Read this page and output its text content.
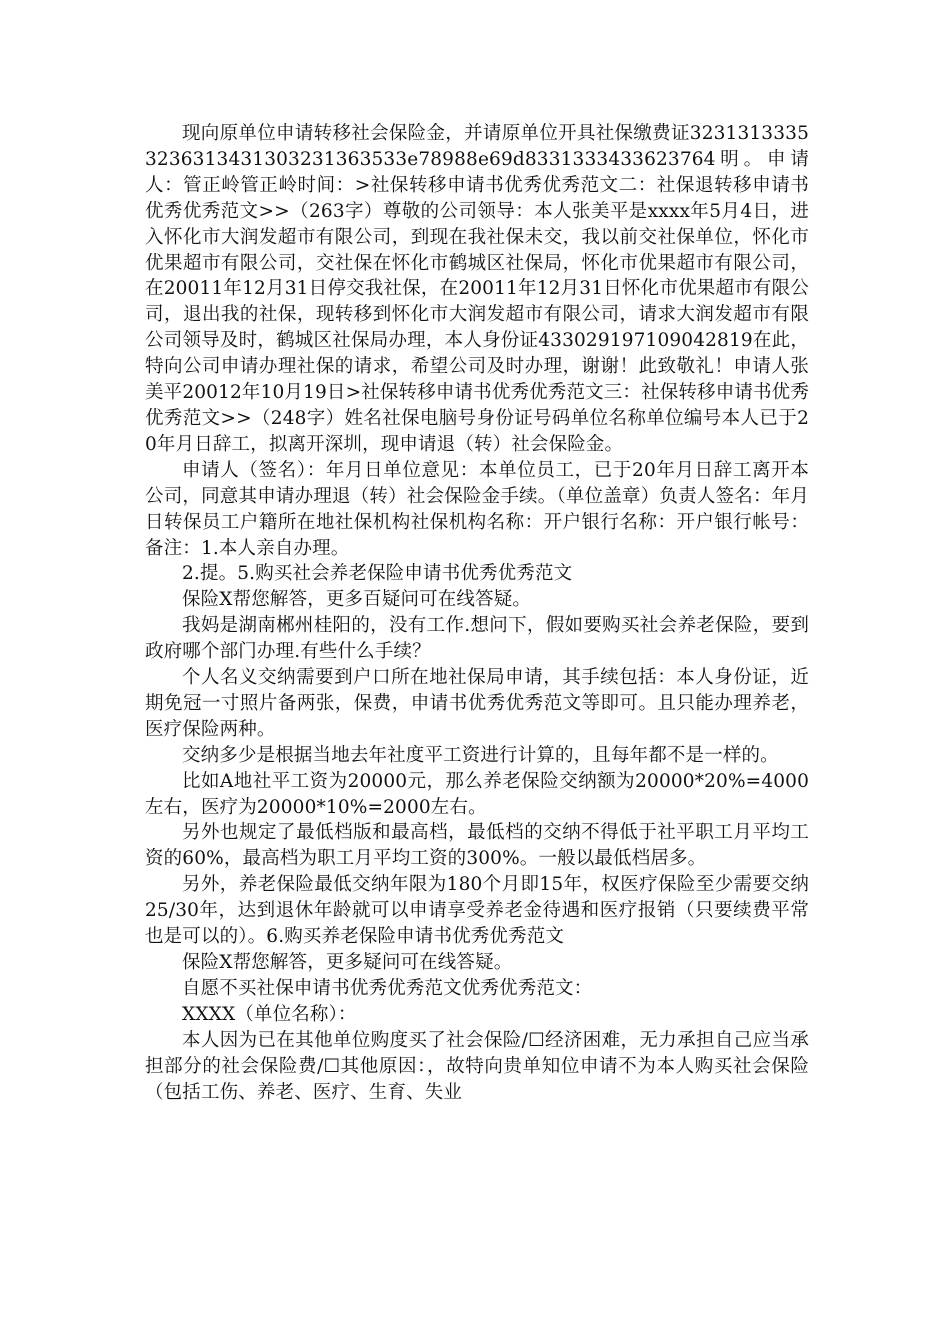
现向原单位申请转移社会保险金，并请原单位开具社保缴费证3231313335323631343130323136353​3e78988e69d8331333433623764明。申请人：管正岭管正岭时间：>社保转移申请书优秀优秀范文二：社保退转移申请书优秀优秀范文>>（263字）尊敬的公司领导：本人张美平是xxxx年5月4日，进入怀化市大润发超市有限公司，到现在我社保未交，我以前交社保单位，怀化市优果超市有限公司，交社保在怀化市鹤城区社保局，怀化市优果超市有限公司，在20011年12月31日停交我社保，在20011年12月31日怀化市优果超市有限公司，退出我的社保，现转移到怀化市大润发超市有限公司，请求大润发超市有限公司领导及时，鹤城区社保局办理，本人身份证43302919710904​2819在此，特向公司申请办理社保的请求，希望公司及时办理，谢谢！此致敬礼！申请人张美平20012年10月19日>社保转移申请书优秀优秀范文三：社保转移申请书优秀优秀范文>>（248字）姓名社保电脑号身份证号码单位名称单位编号本人已于20年月日辞工，拟离开深圳，现申请退（转）社会保险金。

申请人（签名）：年月日单位意见：本单位员工，已于20年月日辞工离开本公司，同意其申请办理退（转）社会保险金手续。（单位盖章）负责人签名：年月日转保员工户籍所在地社保机构社保机构名称：开户银行名称：开户银行帐号：备注：1.本人亲自办理。

2.提。5.购买社会养老保险申请书优秀优秀范文

保险X帮您解答，更多百疑问可在线答疑。

我妈是湖南郴州桂阳的，没有工作.想问下，假如要购买社会养老保险，要到政府哪个部门办理.有些什么手续？

个人名义交纳需要到户口所在地社保局申请，其手续包括：本人身份证，近期免冠一寸照片备两张，保费，申请书优秀优秀范文等即可。且只能办理养老，医疗保险两种。

交纳多少是根据当地去年社度平工资进行计算的，且每年都不是一样的。

比如A地社平工资为20000元，那么养老保险交纳额为20000*20%=4000左右，医疗为20000*10%=2000左右。

另外也规定了最低档版和最高档，最低档的交纳不得低于社平职工月平均工资的60%，最高档为职工月平均工资的300%。一般以最低档居多。

另外，养老保险最低交纳年限为180个月即15年，权医疗保险至少需要交纳25/30年，达到退休年龄就可以申请享受养老金待遇和医疗报销（只要续费平常也是可以的）。6.购买养老保险申请书优秀优秀范文

保险X帮您解答，更多疑问可在线答疑。

自愿不买社保申请书优秀优秀范文优秀优秀范文：

XXXX（单位名称）：

本人因为已在其他单位购度买了社会保险/☐经济困难，无力承担自己应当承担部分的社会保险费/☐其他原因：，故特向贵单知位申请不为本人购买社会保险（包括工伤、养老、医疗、生育、失业
